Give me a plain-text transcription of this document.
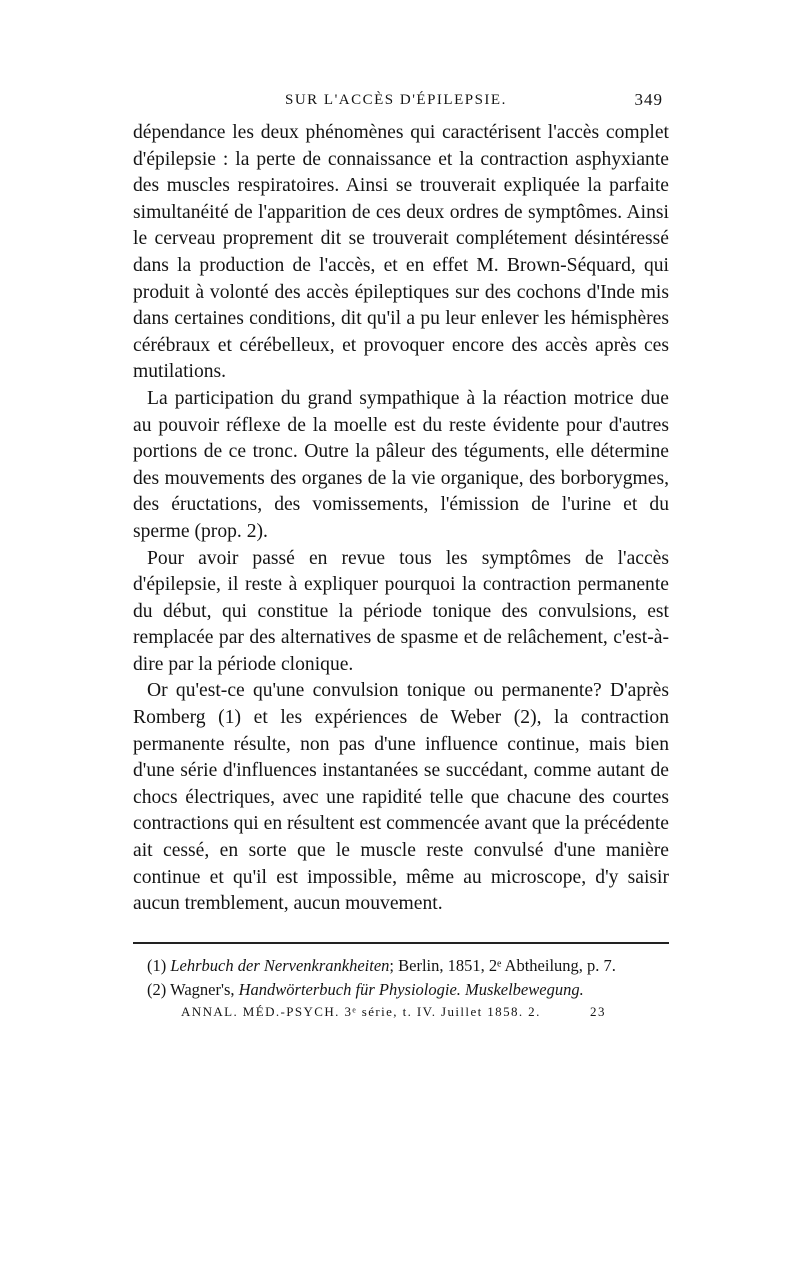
SUR L'ACCÈS D'ÉPILEPSIE.	349

dépendance les deux phénomènes qui caractérisent l'accès complet d'épilepsie : la perte de connaissance et la contraction asphyxiante des muscles respiratoires. Ainsi se trouverait expliquée la parfaite simultanéité de l'apparition de ces deux ordres de symptômes. Ainsi le cerveau proprement dit se trouverait complétement désintéressé dans la production de l'accès, et en effet M. Brown-Séquard, qui produit à volonté des accès épileptiques sur des cochons d'Inde mis dans certaines conditions, dit qu'il a pu leur enlever les hémisphères cérébraux et cérébelleux, et provoquer encore des accès après ces mutilations.

La participation du grand sympathique à la réaction motrice due au pouvoir réflexe de la moelle est du reste évidente pour d'autres portions de ce tronc. Outre la pâleur des téguments, elle détermine des mouvements des organes de la vie organique, des borborygmes, des éructations, des vomissements, l'émission de l'urine et du sperme (prop. 2).

Pour avoir passé en revue tous les symptômes de l'accès d'épilepsie, il reste à expliquer pourquoi la contraction permanente du début, qui constitue la période tonique des convulsions, est remplacée par des alternatives de spasme et de relâchement, c'est-à-dire par la période clonique.

Or qu'est-ce qu'une convulsion tonique ou permanente? D'après Romberg (1) et les expériences de Weber (2), la contraction permanente résulte, non pas d'une influence continue, mais bien d'une série d'influences instantanées se succédant, comme autant de chocs électriques, avec une rapidité telle que chacune des courtes contractions qui en résultent est commencée avant que la précédente ait cessé, en sorte que le muscle reste convulsé d'une manière continue et qu'il est impossible, même au microscope, d'y saisir aucun tremblement, aucun mouvement.

(1) Lehrbuch der Nervenkrankheiten; Berlin, 1851, 2ᵉ Abtheilung, p. 7.

(2) Wagner's, Handwörterbuch für Physiologie. Muskelbewegung.

ANNAL. MÉD.-PSYCH. 3ᵉ série, t. IV. Juillet 1858. 2.	23
